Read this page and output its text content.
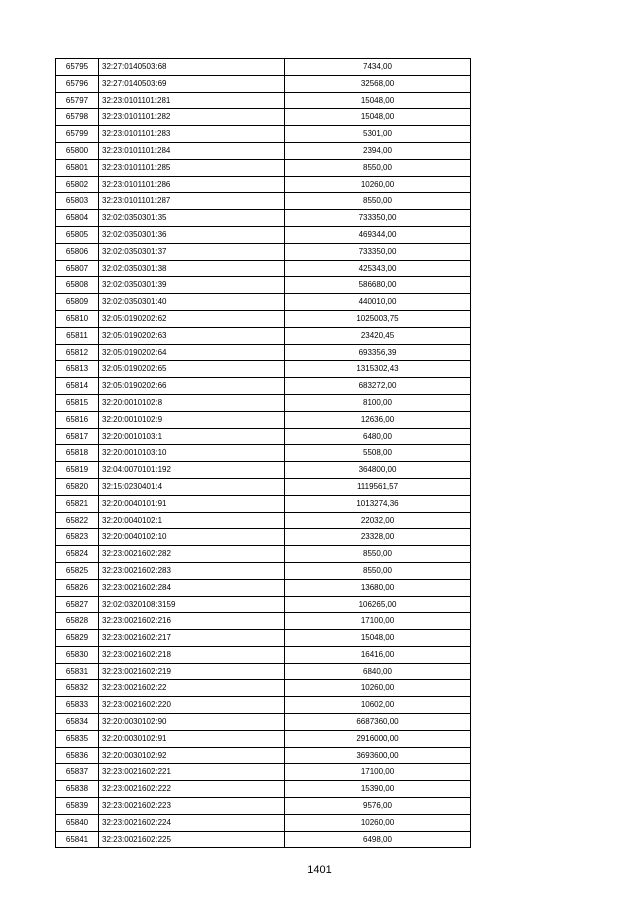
65795	32:27:0140503:68	7434,00
65796	32:27:0140503:69	32568,00
65797	32:23:0101101:281	15048,00
65798	32:23:0101101:282	15048,00
65799	32:23:0101101:283	5301,00
65800	32:23:0101101:284	2394,00
65801	32:23:0101101:285	8550,00
65802	32:23:0101101:286	10260,00
65803	32:23:0101101:287	8550,00
65804	32:02:0350301:35	733350,00
65805	32:02:0350301:36	469344,00
65806	32:02:0350301:37	733350,00
65807	32:02:0350301:38	425343,00
65808	32:02:0350301:39	586680,00
65809	32:02:0350301:40	440010,00
65810	32:05:0190202:62	1025003,75
65811	32:05:0190202:63	23420,45
65812	32:05:0190202:64	693356,39
65813	32:05:0190202:65	1315302,43
65814	32:05:0190202:66	683272,00
65815	32:20:0010102:8	8100,00
65816	32:20:0010102:9	12636,00
65817	32:20:0010103:1	6480,00
65818	32:20:0010103:10	5508,00
65819	32:04:0070101:192	364800,00
65820	32:15:0230401:4	1119561,57
65821	32:20:0040101:91	1013274,36
65822	32:20:0040102:1	22032,00
65823	32:20:0040102:10	23328,00
65824	32:23:0021602:282	8550,00
65825	32:23:0021602:283	8550,00
65826	32:23:0021602:284	13680,00
65827	32:02:0320108:3159	106265,00
65828	32:23:0021602:216	17100,00
65829	32:23:0021602:217	15048,00
65830	32:23:0021602:218	16416,00
65831	32:23:0021602:219	6840,00
65832	32:23:0021602:22	10260,00
65833	32:23:0021602:220	10602,00
65834	32:20:0030102:90	6687360,00
65835	32:20:0030102:91	2916000,00
65836	32:20:0030102:92	3693600,00
65837	32:23:0021602:221	17100,00
65838	32:23:0021602:222	15390,00
65839	32:23:0021602:223	9576,00
65840	32:23:0021602:224	10260,00
65841	32:23:0021602:225	6498,00
1401
